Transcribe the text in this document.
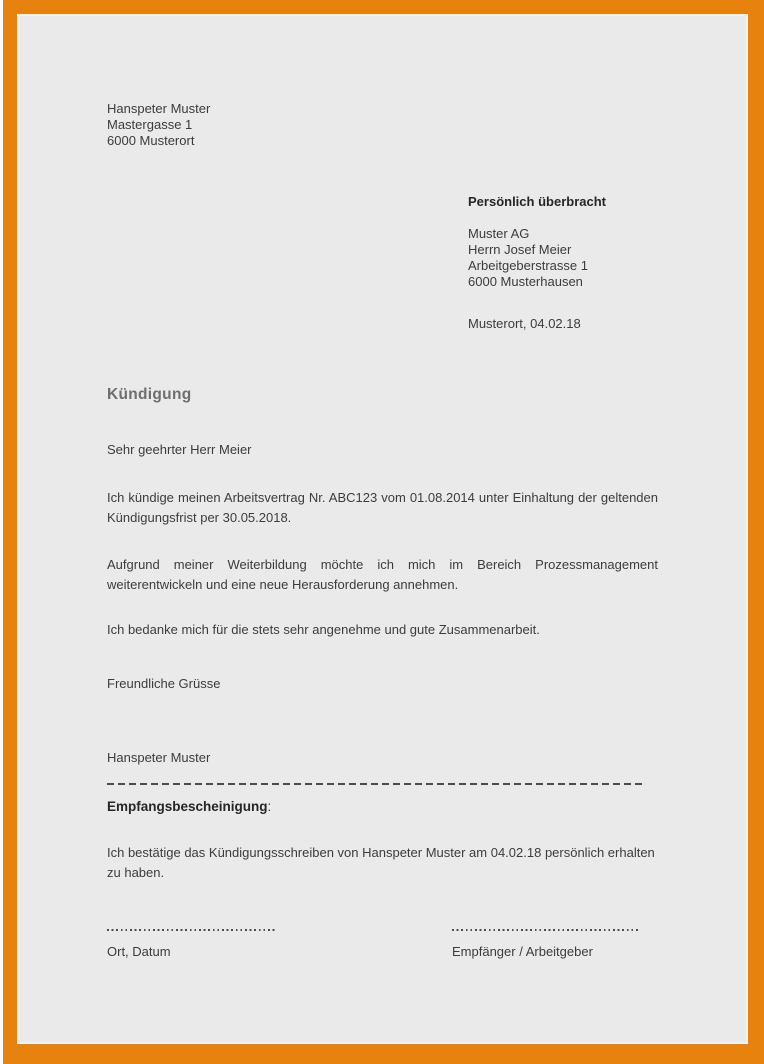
Hanspeter Muster
Mastergasse 1
6000 Musterort
Persönlich überbracht
Muster AG
Herrn Josef Meier
Arbeitgeberstrasse 1
6000 Musterhausen
Musterort, 04.02.18
Kündigung

Sehr geehrter Herr Meier

Ich kündige meinen Arbeitsvertrag Nr. ABC123 vom 01.08.2014 unter Einhaltung der geltenden Kündigungsfrist per 30.05.2018.

Aufgrund meiner Weiterbildung möchte ich mich im Bereich Prozessmanagement weiterentwickeln und eine neue Herausforderung annehmen.

Ich bedanke mich für die stets sehr angenehme und gute Zusammenarbeit.

Freundliche Grüsse

Hanspeter Muster

Empfangsbescheinigung:

Ich bestätige das Kündigungsschreiben von Hanspeter Muster am 04.02.18 persönlich erhalten zu haben.

Ort, Datum	Empfänger / Arbeitgeber
·
